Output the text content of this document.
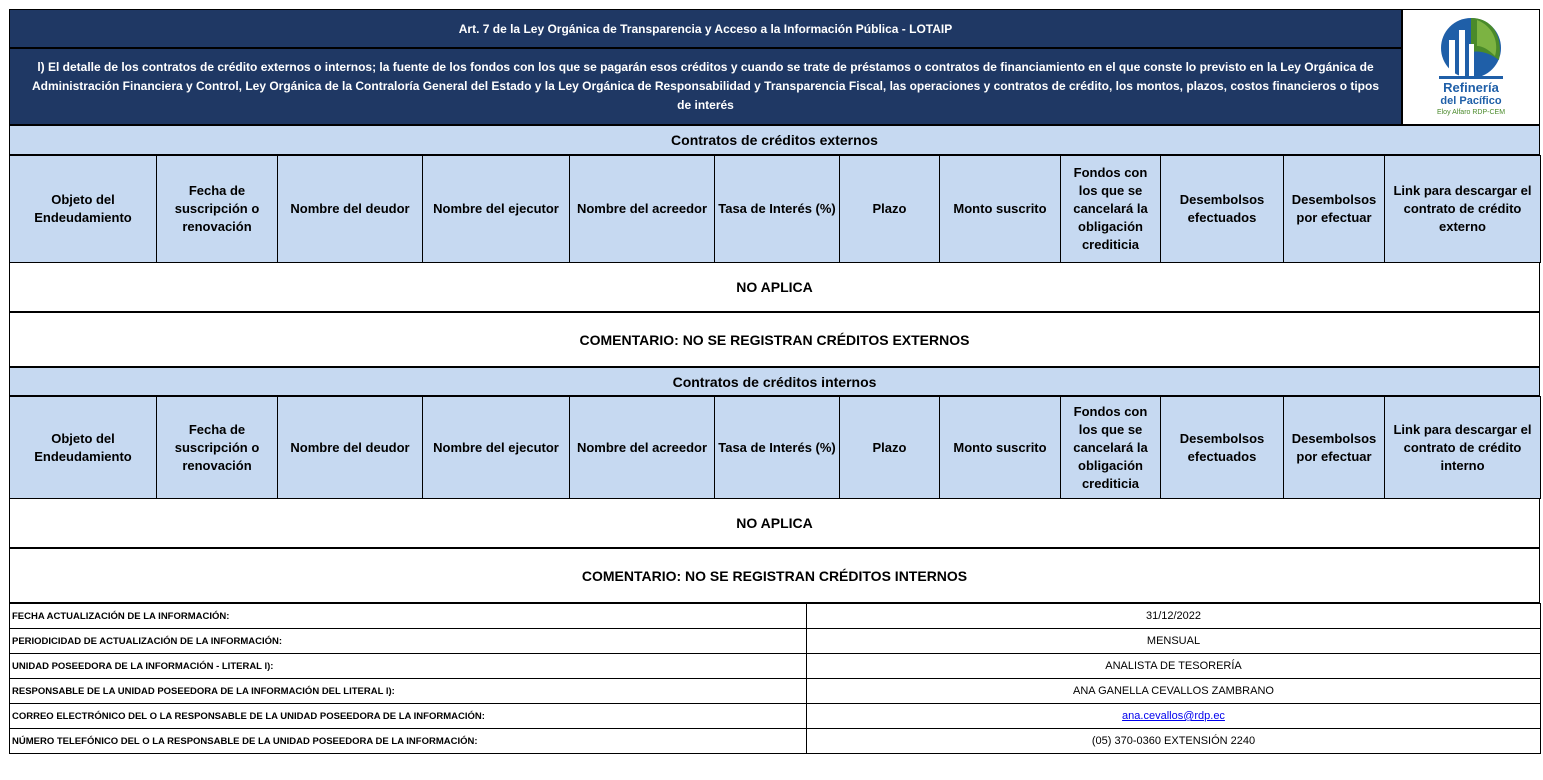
Art. 7 de la Ley Orgánica de Transparencia y Acceso a la Información Pública - LOTAIP
l) El detalle de los contratos de crédito externos o internos; la fuente de los fondos con los que se pagarán esos créditos y cuando se trate de préstamos o contratos de financiamiento en el que conste lo previsto en la Ley Orgánica de Administración Financiera y Control, Ley Orgánica de la Contraloría General del Estado y la Ley Orgánica de Responsabilidad y Transparencia Fiscal, las operaciones y contratos de crédito, los montos, plazos, costos financieros o tipos de interés
Refinería
del Pacífico
Eloy Alfaro RDP-CEM
Contratos de créditos externos
Objeto del Endeudamiento	Fecha de suscripción o renovación	Nombre del deudor	Nombre del ejecutor	Nombre del acreedor	Tasa de Interés (%)	Plazo	Monto suscrito	Fondos con los que se cancelará la obligación crediticia	Desembolsos efectuados	Desembolsos por efectuar	Link para descargar el contrato de crédito externo
NO APLICA
COMENTARIO: NO SE REGISTRAN CRÉDITOS EXTERNOS
Contratos de créditos internos
Objeto del Endeudamiento	Fecha de suscripción o renovación	Nombre del deudor	Nombre del ejecutor	Nombre del acreedor	Tasa de Interés (%)	Plazo	Monto suscrito	Fondos con los que se cancelará la obligación crediticia	Desembolsos efectuados	Desembolsos por efectuar	Link para descargar el contrato de crédito interno
NO APLICA
COMENTARIO: NO SE REGISTRAN CRÉDITOS INTERNOS
FECHA ACTUALIZACIÓN DE LA INFORMACIÓN:	31/12/2022
PERIODICIDAD DE ACTUALIZACIÓN DE LA INFORMACIÓN:	MENSUAL
UNIDAD POSEEDORA DE LA INFORMACIÓN - LITERAL l):	ANALISTA DE TESORERÍA
RESPONSABLE DE LA UNIDAD POSEEDORA DE LA INFORMACIÓN DEL LITERAL l):	ANA GANELLA CEVALLOS ZAMBRANO
CORREO ELECTRÓNICO DEL O LA RESPONSABLE DE LA UNIDAD POSEEDORA DE LA INFORMACIÓN:	ana.cevallos@rdp.ec
NÚMERO TELEFÓNICO DEL O LA RESPONSABLE DE LA UNIDAD POSEEDORA DE LA INFORMACIÓN:	(05) 370-0360 EXTENSIÓN 2240
